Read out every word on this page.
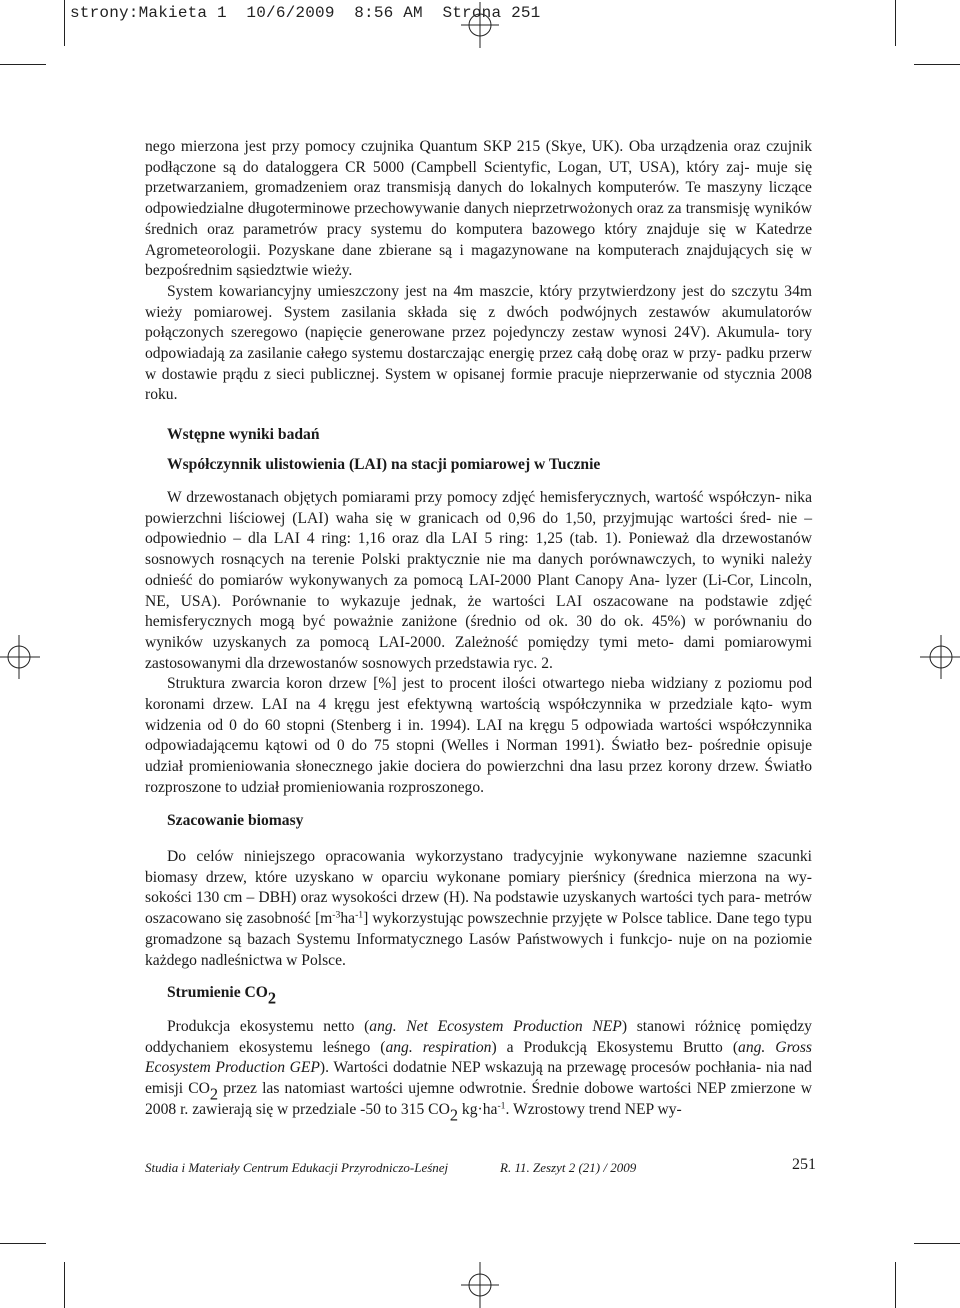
strony:Makieta 1  10/6/2009  8:56 AM  Strona 251

nego mierzona jest przy pomocy czujnika Quantum SKP 215 (Skye, UK). Oba urządzenia oraz czujnik podłączone są do dataloggera CR 5000 (Campbell Scientyfic, Logan, UT, USA), który zaj- muje się przetwarzaniem, gromadzeniem oraz transmisją danych do lokalnych komputerów. Te maszyny liczące odpowiedzialne długoterminowe przechowywanie danych nieprzetrwożonych oraz za transmisję wyników średnich oraz parametrów pracy systemu do komputera bazowego który znajduje się w Katedrze Agrometeorologii. Pozyskane dane zbierane są i magazynowane na komputerach znajdujących się w bezpośrednim sąsiedztwie wieży.

System kowariancyjny umieszczony jest na 4m maszcie, który przytwierdzony jest do szczytu 34m wieży pomiarowej. System zasilania składa się z dwóch podwójnych zestawów akumulatorów połączonych szeregowo (napięcie generowane przez pojedynczy zestaw wynosi 24V). Akumula- tory odpowiadają za zasilanie całego systemu dostarczając energię przez całą dobę oraz w przy- padku przerw w dostawie prądu z sieci publicznej. System w opisanej formie pracuje nieprzerwanie od stycznia 2008 roku.

Wstępne wyniki badań
Współczynnik ulistowienia (LAI) na stacji pomiarowej w Tucznie

W drzewostanach objętych pomiarami przy pomocy zdjęć hemisferycznych, wartość współczyn- nika powierzchni liściowej (LAI) waha się w granicach od 0,96 do 1,50, przyjmując wartości śred- nie – odpowiednio – dla LAI 4 ring: 1,16 oraz dla LAI 5 ring: 1,25 (tab. 1). Ponieważ dla drzewostanów sosnowych rosnących na terenie Polski praktycznie nie ma danych porównawczych, to wyniki należy odnieść do pomiarów wykonywanych za pomocą LAI-2000 Plant Canopy Ana- lyzer (Li-Cor, Lincoln, NE, USA). Porównanie to wykazuje jednak, że wartości LAI oszacowane na podstawie zdjęć hemisferycznych mogą być poważnie zaniżone (średnio od ok. 30 do ok. 45%) w porównaniu do wyników uzyskanych za pomocą LAI-2000. Zależność pomiędzy tymi meto- dami pomiarowymi zastosowanymi dla drzewostanów sosnowych przedstawia ryc. 2.

Struktura zwarcia koron drzew [%] jest to procent ilości otwartego nieba widziany z poziomu pod koronami drzew. LAI na 4 kręgu jest efektywną wartością współczynnika w przedziale kąto- wym widzenia od 0 do 60 stopni (Stenberg i in. 1994). LAI na kręgu 5 odpowiada wartości współczynnika odpowiadającemu kątowi od 0 do 75 stopni (Welles i Norman 1991). Światło bez- pośrednie opisuje udział promieniowania słonecznego jakie dociera do powierzchni dna lasu przez korony drzew. Światło rozproszone to udział promieniowania rozproszonego.

Szacowanie biomasy

Do celów niniejszego opracowania wykorzystano tradycyjnie wykonywane naziemne szacunki biomasy drzew, które uzyskano w oparciu wykonane pomiary pierśnicy (średnica mierzona na wy- sokości 130 cm – DBH) oraz wysokości drzew (H). Na podstawie uzyskanych wartości tych para- metrów oszacowano się zasobność $[m^{-3}ha^{-1}]$ wykorzystując powszechnie przyjęte w Polsce tablice. Dane tego typu gromadzone są bazach Systemu Informatycznego Lasów Państwowych i funkcjo- nuje on na poziomie każdego nadleśnictwa w Polsce.

Strumienie $CO_2$

Produkcja ekosystemu netto (ang. Net Ecosystem Production NEP) stanowi różnicę pomiędzy oddychaniem ekosystemu leśnego (ang. respiration) a Produkcją Ekosystemu Brutto (ang. Gross Ecosystem Production GEP). Wartości dodatnie NEP wskazują na przewagę procesów pochłania- nia nad emisji $CO_2$ przez las natomiast wartości ujemne odwrotnie. Średnie dobowe wartości NEP zmierzone w 2008 r. zawierają się w przedziale -50 to 315 $CO_2$ $kg\cdot ha^{-1}$. Wzrostowy trend NEP wy-

Studia i Materiały Centrum Edukacji Przyrodniczo-Leśnej	R. 11. Zeszyt 2 (21) / 2009	251
